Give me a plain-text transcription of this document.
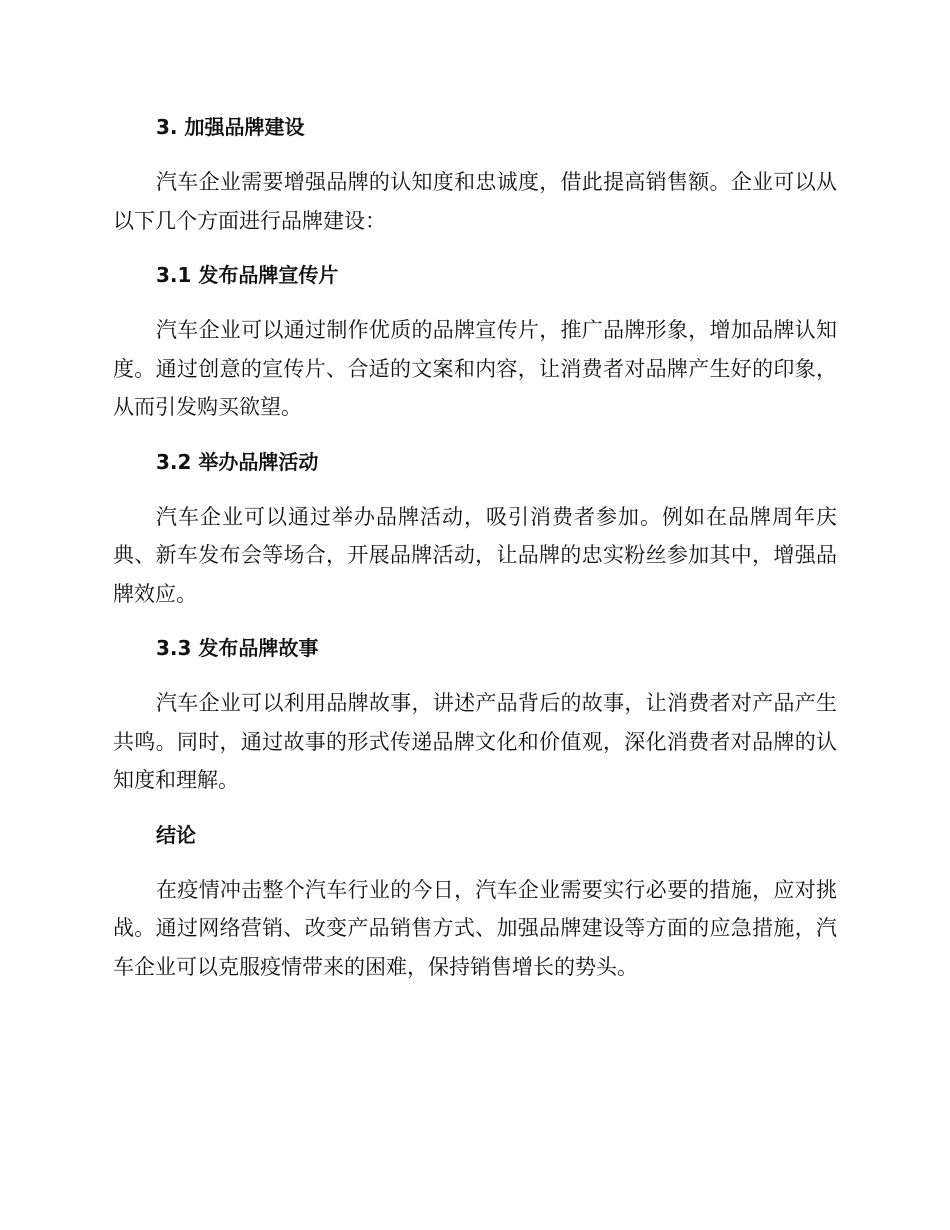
3. 加强品牌建设

汽车企业需要增强品牌的认知度和忠诚度，借此提高销售额。企业可以从以下几个方面进行品牌建设：

3.1 发布品牌宣传片

汽车企业可以通过制作优质的品牌宣传片，推广品牌形象，增加品牌认知度。通过创意的宣传片、合适的文案和内容，让消费者对品牌产生好的印象，从而引发购买欲望。

3.2 举办品牌活动

汽车企业可以通过举办品牌活动，吸引消费者参加。例如在品牌周年庆典、新车发布会等场合，开展品牌活动，让品牌的忠实粉丝参加其中，增强品牌效应。

3.3 发布品牌故事

汽车企业可以利用品牌故事，讲述产品背后的故事，让消费者对产品产生共鸣。同时，通过故事的形式传递品牌文化和价值观，深化消费者对品牌的认知度和理解。

结论

在疫情冲击整个汽车行业的今日，汽车企业需要实行必要的措施，应对挑战。通过网络营销、改变产品销售方式、加强品牌建设等方面的应急措施，汽车企业可以克服疫情带来的困难，保持销售增长的势头。
